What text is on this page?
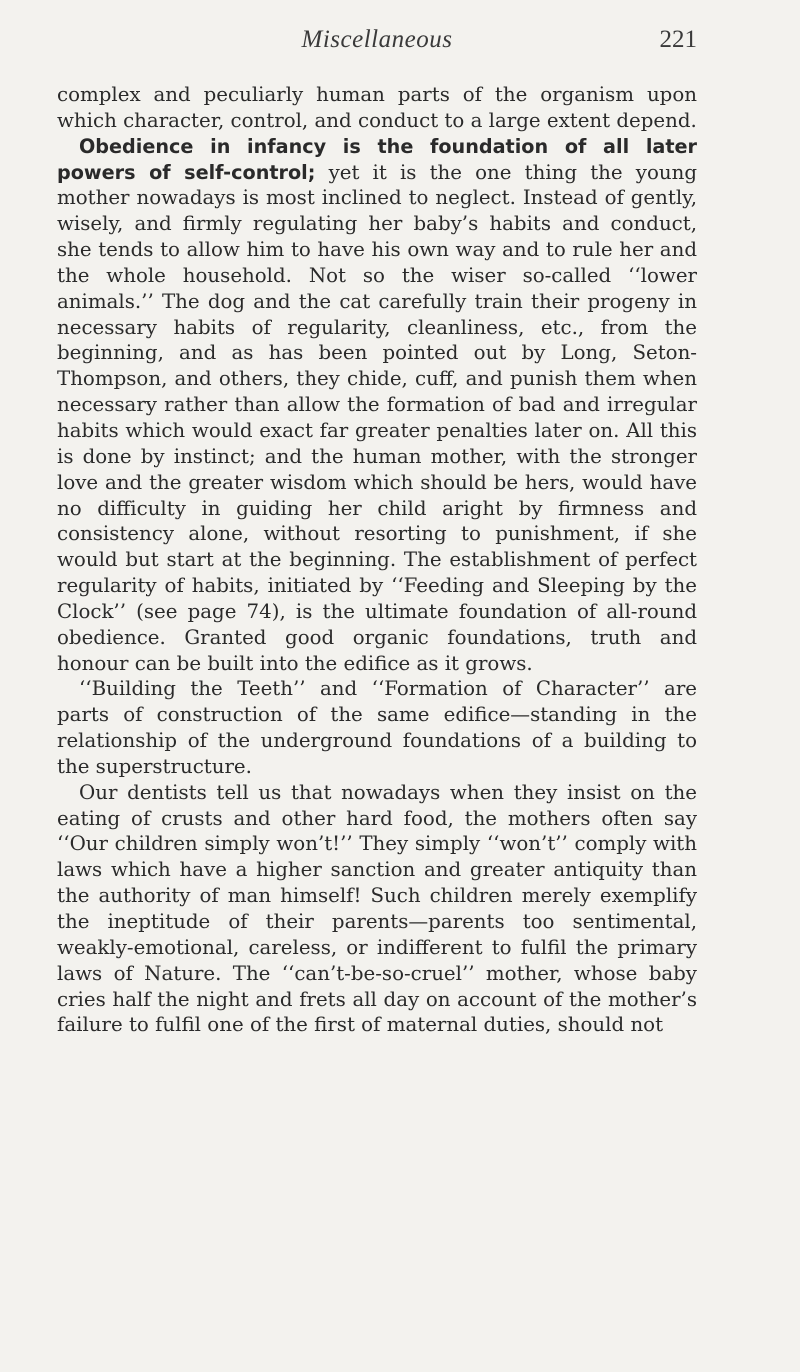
Miscellaneous	221

complex and peculiarly human parts of the organism upon which character, control, and conduct to a large extent depend.

Obedience in infancy is the foundation of all later powers of self-control; yet it is the one thing the young mother nowadays is most inclined to neglect. Instead of gently, wisely, and firmly regulating her baby’s habits and conduct, she tends to allow him to have his own way and to rule her and the whole household. Not so the wiser so-called ‘‘lower animals.’’ The dog and the cat carefully train their progeny in necessary habits of regularity, cleanliness, etc., from the beginning, and as has been pointed out by Long, Seton-Thompson, and others, they chide, cuff, and punish them when necessary rather than allow the formation of bad and irregular habits which would exact far greater penalties later on. All this is done by instinct; and the human mother, with the stronger love and the greater wisdom which should be hers, would have no difficulty in guiding her child aright by firmness and consistency alone, without resorting to punishment, if she would but start at the beginning. The establishment of perfect regularity of habits, initiated by ‘‘Feeding and Sleeping by the Clock’’ (see page 74), is the ultimate foundation of all-round obedience. Granted good organic foundations, truth and honour can be built into the edifice as it grows.

‘‘Building the Teeth’’ and ‘‘Formation of Character’’ are parts of construction of the same edifice—standing in the relationship of the underground foundations of a building to the superstructure.

Our dentists tell us that nowadays when they insist on the eating of crusts and other hard food, the mothers often say ‘‘Our children simply won’t!’’ They simply ‘‘won’t’’ comply with laws which have a higher sanction and greater antiquity than the authority of man himself! Such children merely exemplify the ineptitude of their parents—parents too sentimental, weakly-emotional, careless, or indifferent to fulfil the primary laws of Nature. The ‘‘can’t-be-so-cruel’’ mother, whose baby cries half the night and frets all day on account of the mother’s failure to fulfil one of the first of maternal duties, should not
